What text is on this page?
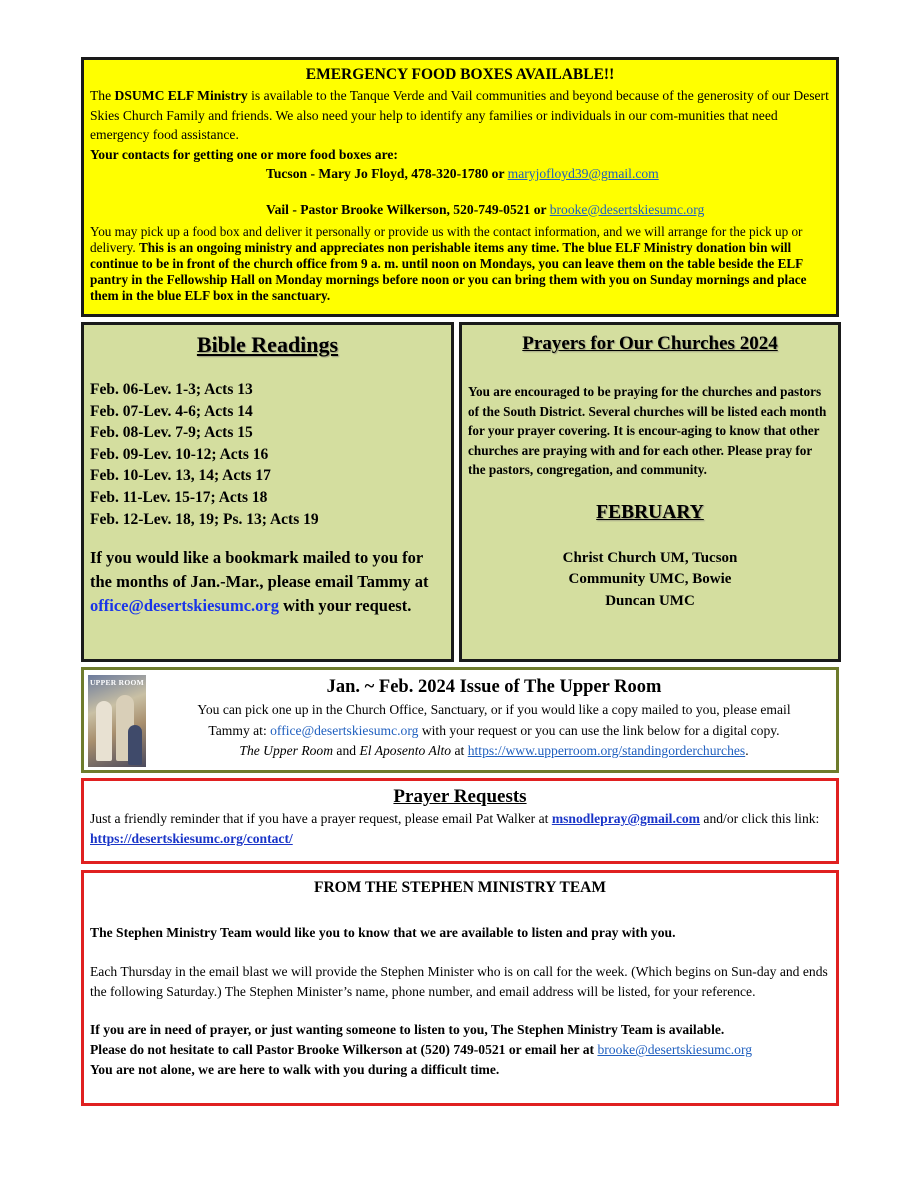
EMERGENCY FOOD BOXES AVAILABLE!!
The DSUMC ELF Ministry is available to the Tanque Verde and Vail communities and beyond because of the generosity of our Desert Skies Church Family and friends. We also need your help to identify any families or individuals in our com-munities that need emergency food assistance.
Your contacts for getting one or more food boxes are:
Tucson - Mary Jo Floyd, 478-320-1780 or maryjofloyd39@gmail.com
Vail - Pastor Brooke Wilkerson, 520-749-0521 or brooke@desertskiesumc.org
You may pick up a food box and deliver it personally or provide us with the contact information, and we will arrange for the pick up or delivery. This is an ongoing ministry and appreciates non perishable items any time. The blue ELF Ministry donation bin will continue to be in front of the church office from 9 a. m. until noon on Mondays, you can leave them on the table beside the ELF pantry in the Fellowship Hall on Monday mornings before noon or you can bring them with you on Sunday mornings and place them in the blue ELF box in the sanctuary.
Bible Readings
Feb. 06-Lev. 1-3; Acts 13
Feb. 07-Lev. 4-6; Acts 14
Feb. 08-Lev. 7-9; Acts 15
Feb. 09-Lev. 10-12; Acts 16
Feb. 10-Lev. 13, 14; Acts 17
Feb. 11-Lev. 15-17; Acts 18
Feb. 12-Lev. 18, 19; Ps. 13; Acts 19
If you would like a bookmark mailed to you for the months of Jan.-Mar., please email Tammy at office@desertskiesumc.org with your request.
Prayers for Our Churches 2024
You are encouraged to be praying for the churches and pastors of the South District. Several churches will be listed each month for your prayer covering. It is encour-aging to know that other churches are praying with and for each other. Please pray for the pastors, congregation, and community.
FEBRUARY
Christ Church UM, Tucson
Community UMC, Bowie
Duncan UMC
UPPER ROOM	Jan. ~ Feb. 2024 Issue of The Upper Room
You can pick one up in the Church Office, Sanctuary, or if you would like a copy mailed to you, please email
Tammy at: office@desertskiesumc.org with your request or you can use the link below for a digital copy.
The Upper Room and El Aposento Alto at https://www.upperroom.org/standingorderchurches.
Prayer Requests
Just a friendly reminder that if you have a prayer request, please email Pat Walker at msnodlepray@gmail.com and/or click this link: https://desertskiesumc.org/contact/
FROM THE STEPHEN MINISTRY TEAM

The Stephen Ministry Team would like you to know that we are available to listen and pray with you.

Each Thursday in the email blast we will provide the Stephen Minister who is on call for the week. (Which begins on Sun-day and ends the following Saturday.) The Stephen Minister’s name, phone number, and email address will be listed, for your reference.

If you are in need of prayer, or just wanting someone to listen to you, The Stephen Ministry Team is available.
Please do not hesitate to call Pastor Brooke Wilkerson at (520) 749-0521 or email her at brooke@desertskiesumc.org
You are not alone, we are here to walk with you during a difficult time.
